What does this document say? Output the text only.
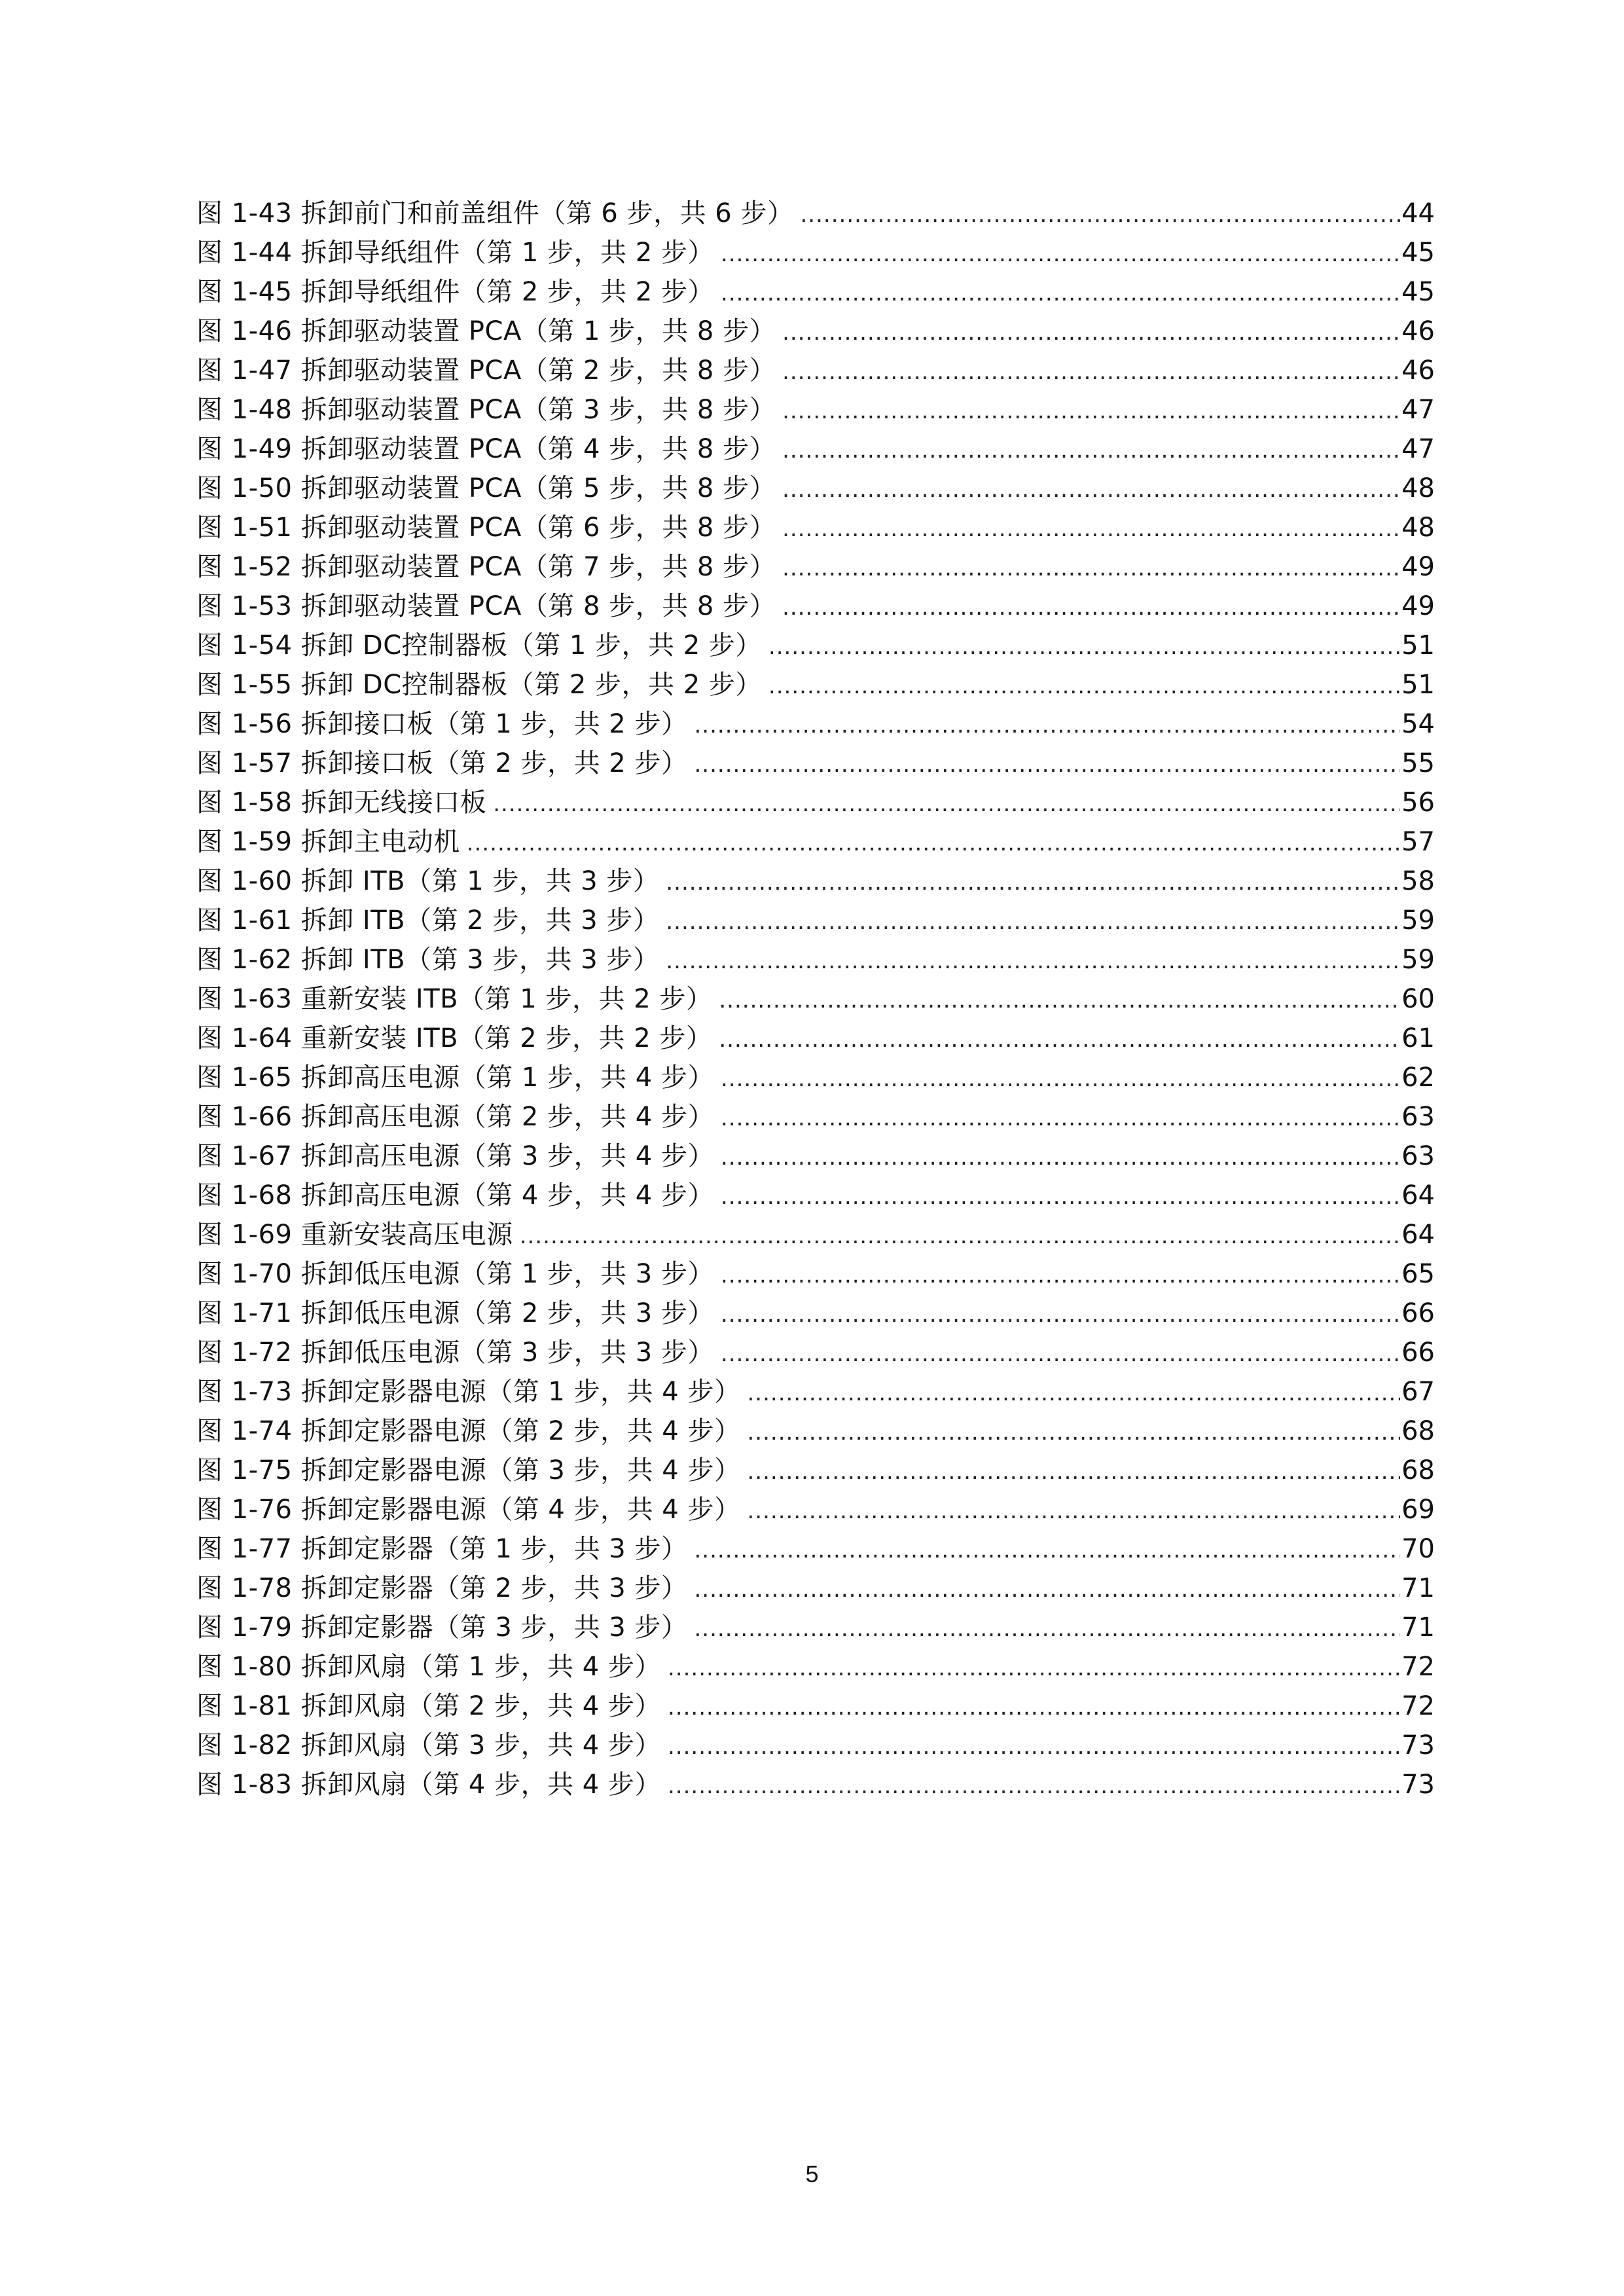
图 1-43 拆卸前门和前盖组件（第 6 步，共 6 步） .....	44
图 1-44 拆卸导纸组件（第 1 步，共 2 步） .....	45
图 1-45 拆卸导纸组件（第 2 步，共 2 步） .....	45
图 1-46 拆卸驱动装置 PCA（第 1 步，共 8 步） .....	46
图 1-47 拆卸驱动装置 PCA（第 2 步，共 8 步） .....	46
图 1-48 拆卸驱动装置 PCA（第 3 步，共 8 步） .....	47
图 1-49 拆卸驱动装置 PCA（第 4 步，共 8 步） .....	47
图 1-50 拆卸驱动装置 PCA（第 5 步，共 8 步） .....	48
图 1-51 拆卸驱动装置 PCA（第 6 步，共 8 步） .....	48
图 1-52 拆卸驱动装置 PCA（第 7 步，共 8 步） .....	49
图 1-53 拆卸驱动装置 PCA（第 8 步，共 8 步） .....	49
图 1-54 拆卸 DC控制器板（第 1 步，共 2 步） .....	51
图 1-55 拆卸 DC控制器板（第 2 步，共 2 步） .....	51
图 1-56 拆卸接口板（第 1 步，共 2 步） .....	54
图 1-57 拆卸接口板（第 2 步，共 2 步） .....	55
图 1-58 拆卸无线接口板 .....	56
图 1-59 拆卸主电动机 .....	57
图 1-60 拆卸 ITB（第 1 步，共 3 步） .....	58
图 1-61 拆卸 ITB（第 2 步，共 3 步） .....	59
图 1-62 拆卸 ITB（第 3 步，共 3 步） .....	59
图 1-63 重新安装 ITB（第 1 步，共 2 步） .....	60
图 1-64 重新安装 ITB（第 2 步，共 2 步） .....	61
图 1-65 拆卸高压电源（第 1 步，共 4 步） .....	62
图 1-66 拆卸高压电源（第 2 步，共 4 步） .....	63
图 1-67 拆卸高压电源（第 3 步，共 4 步） .....	63
图 1-68 拆卸高压电源（第 4 步，共 4 步） .....	64
图 1-69 重新安装高压电源 .....	64
图 1-70 拆卸低压电源（第 1 步，共 3 步） .....	65
图 1-71 拆卸低压电源（第 2 步，共 3 步） .....	66
图 1-72 拆卸低压电源（第 3 步，共 3 步） .....	66
图 1-73 拆卸定影器电源（第 1 步，共 4 步） .....	67
图 1-74 拆卸定影器电源（第 2 步，共 4 步） .....	68
图 1-75 拆卸定影器电源（第 3 步，共 4 步） .....	68
图 1-76 拆卸定影器电源（第 4 步，共 4 步） .....	69
图 1-77 拆卸定影器（第 1 步，共 3 步） .....	70
图 1-78 拆卸定影器（第 2 步，共 3 步） .....	71
图 1-79 拆卸定影器（第 3 步，共 3 步） .....	71
图 1-80 拆卸风扇（第 1 步，共 4 步） .....	72
图 1-81 拆卸风扇（第 2 步，共 4 步） .....	72
图 1-82 拆卸风扇（第 3 步，共 4 步） .....	73
图 1-83 拆卸风扇（第 4 步，共 4 步） .....	73
5
